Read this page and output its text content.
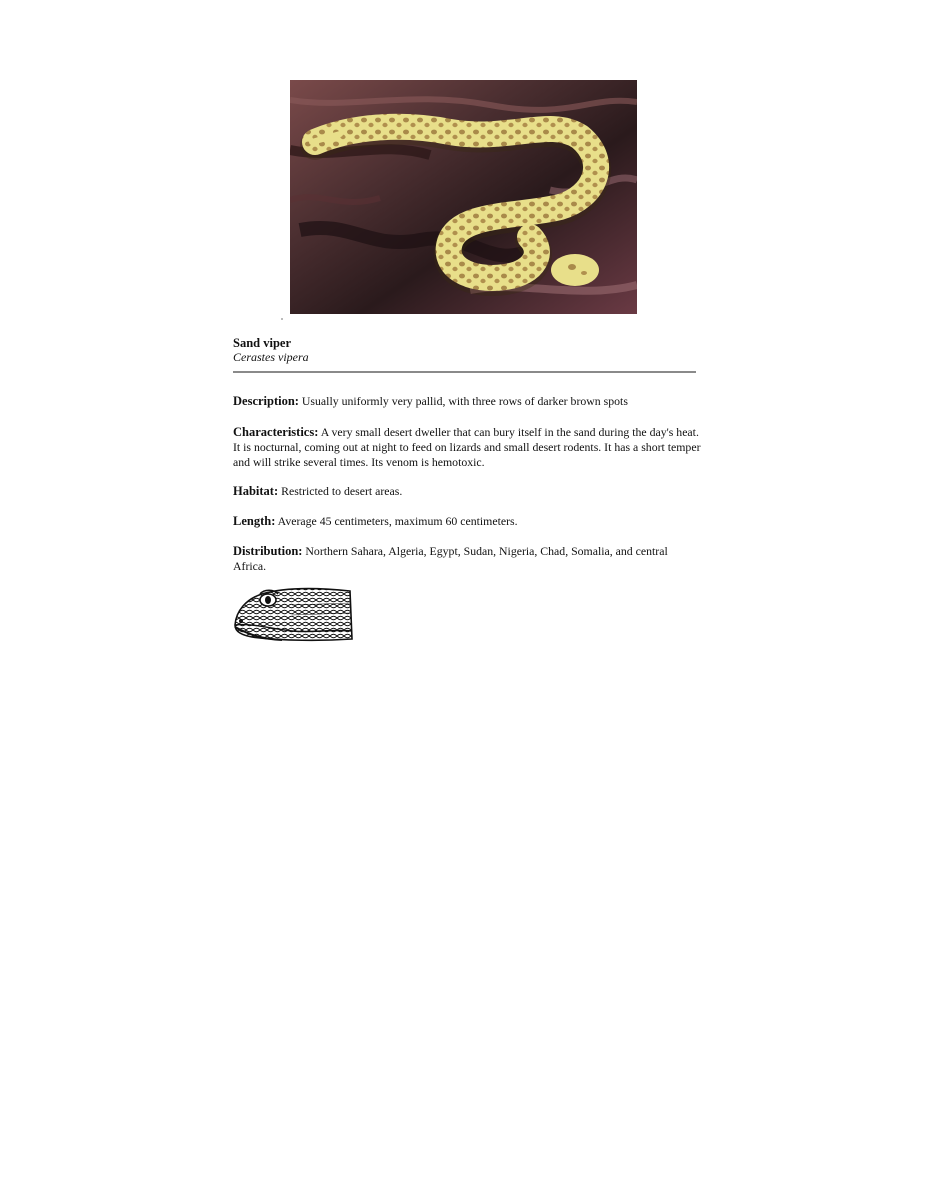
Sand viper

Cerastes vipera

Description: Usually uniformly very pallid, with three rows of darker brown spots

Characteristics: A very small desert dweller that can bury itself in the sand during the day's heat. It is nocturnal, coming out at night to feed on lizards and small desert rodents. It has a short temper and will strike several times. Its venom is hemotoxic.

Habitat: Restricted to desert areas.

Length: Average 45 centimeters, maximum 60 centimeters.

Distribution: Northern Sahara, Algeria, Egypt, Sudan, Nigeria, Chad, Somalia, and central Africa.
